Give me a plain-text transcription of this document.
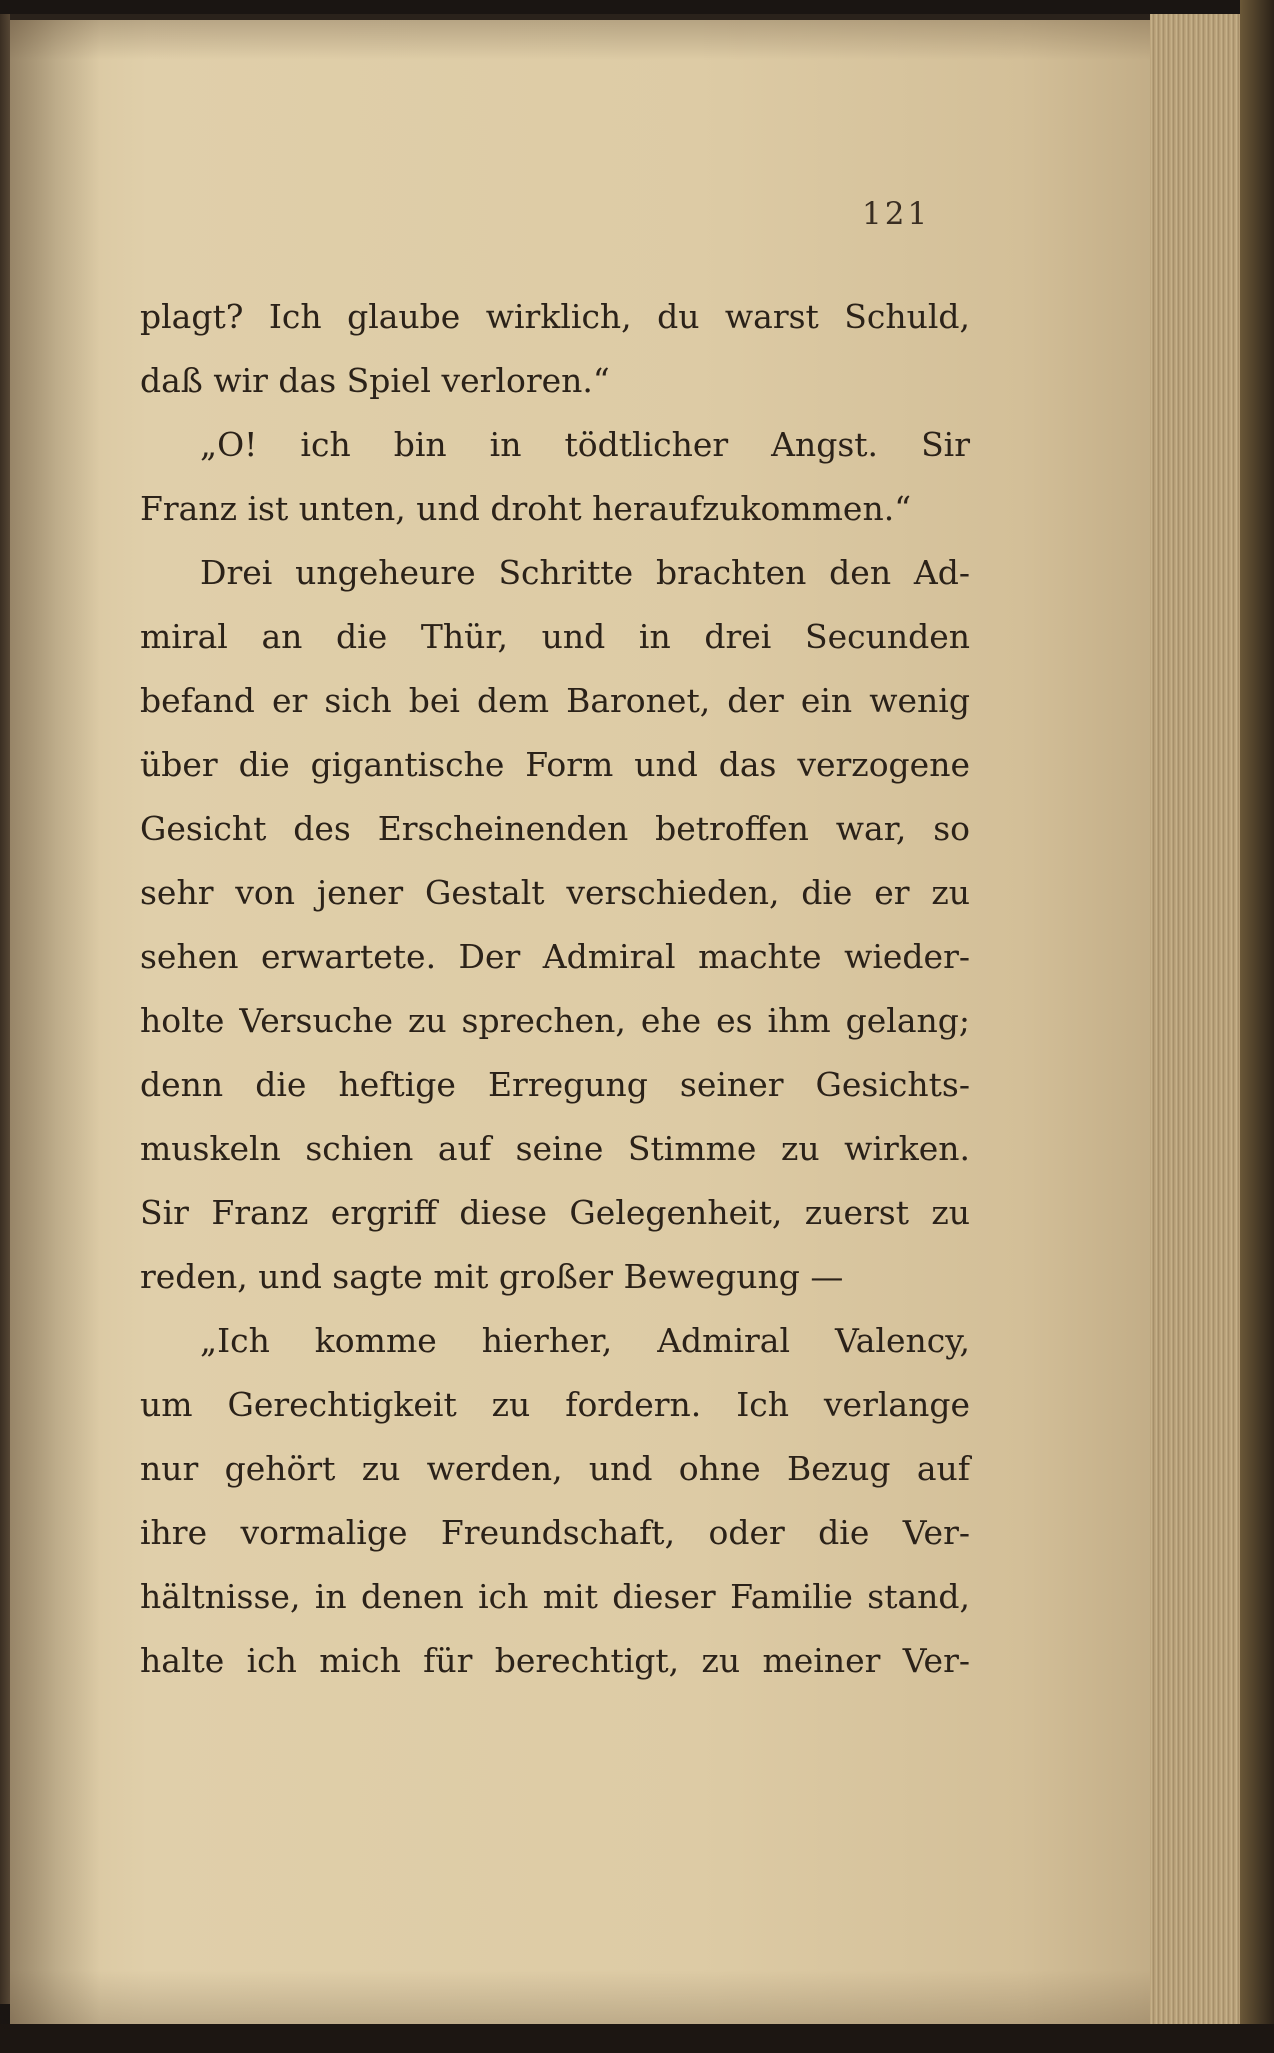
121
plagt? Ich glaube wirklich, du warst Schuld,
daß wir das Spiel verloren.“
„O! ich bin in tödtlicher Angst. Sir
Franz ist unten, und droht heraufzukommen.“
Drei ungeheure Schritte brachten den Ad-
miral an die Thür, und in drei Secunden
befand er sich bei dem Baronet, der ein wenig
über die gigantische Form und das verzogene
Gesicht des Erscheinenden betroffen war, so
sehr von jener Gestalt verschieden, die er zu
sehen erwartete. Der Admiral machte wieder-
holte Versuche zu sprechen, ehe es ihm gelang;
denn die heftige Erregung seiner Gesichts-
muskeln schien auf seine Stimme zu wirken.
Sir Franz ergriff diese Gelegenheit, zuerst zu
reden, und sagte mit großer Bewegung —
„Ich komme hierher, Admiral Valency,
um Gerechtigkeit zu fordern. Ich verlange
nur gehört zu werden, und ohne Bezug auf
ihre vormalige Freundschaft, oder die Ver-
hältnisse, in denen ich mit dieser Familie stand,
halte ich mich für berechtigt, zu meiner Ver-
